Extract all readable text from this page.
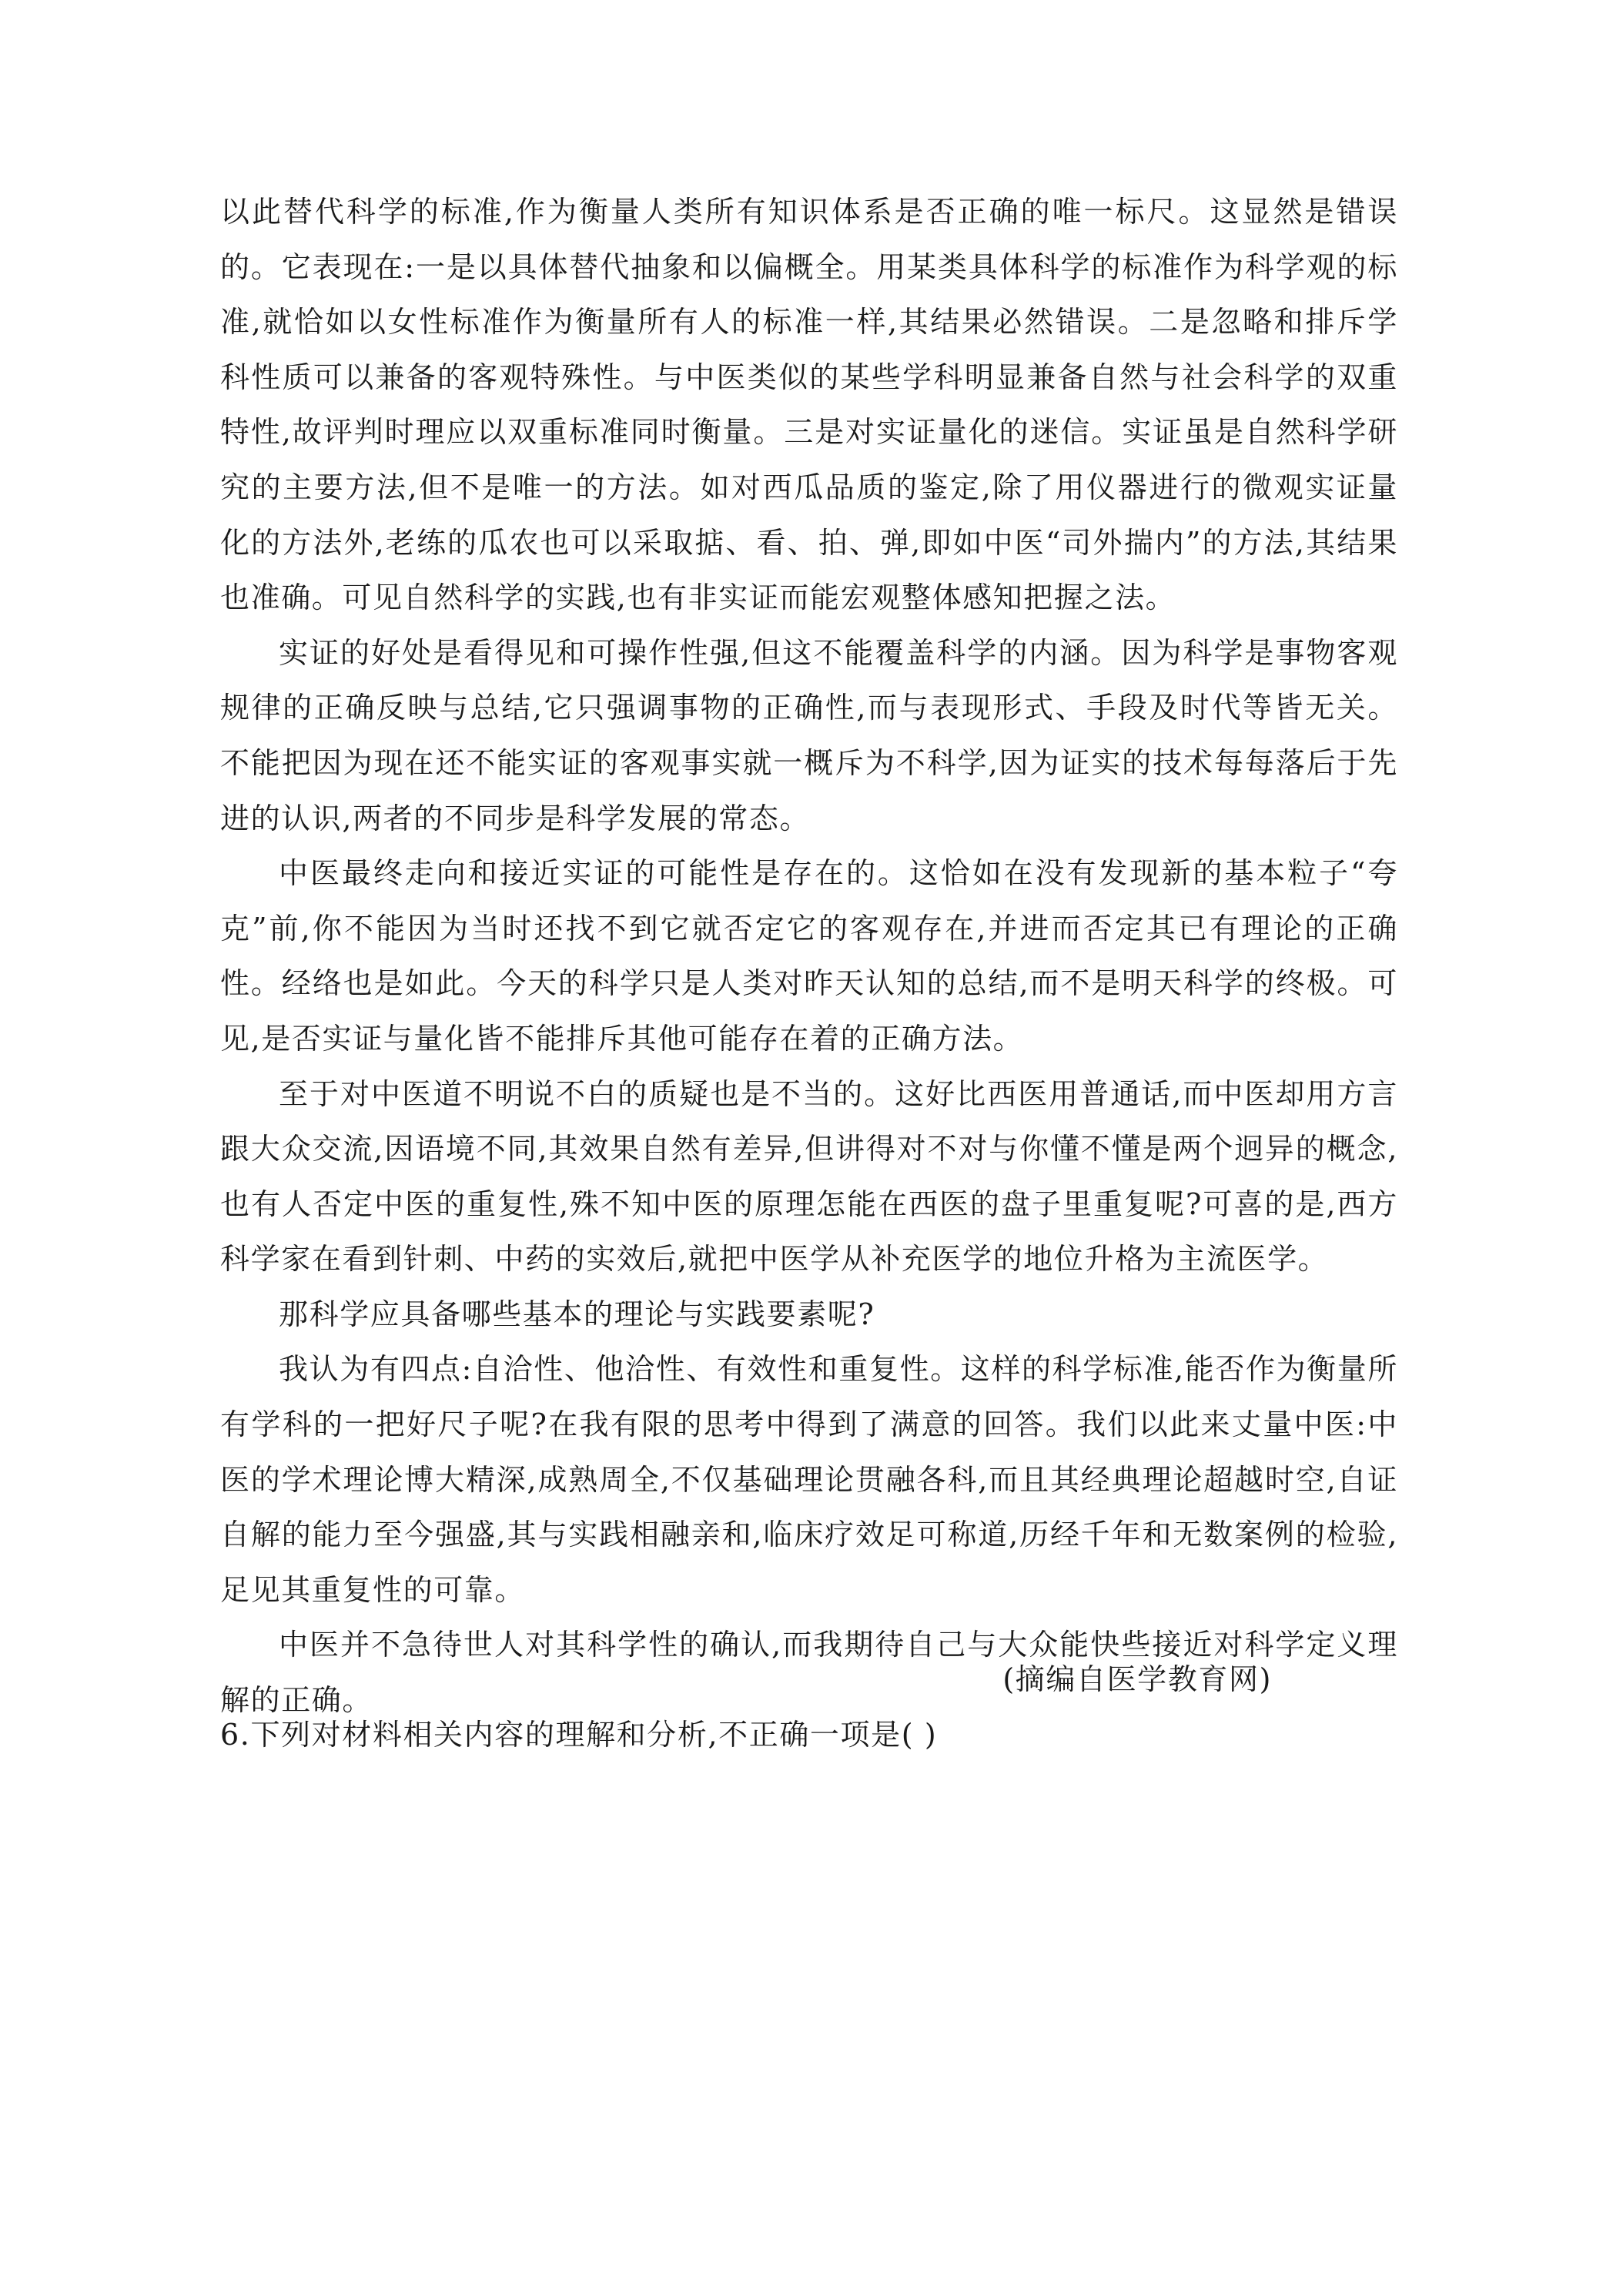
以此替代科学的标准,作为衡量人类所有知识体系是否正确的唯一标尺。这显然是错误的。它表现在:一是以具体替代抽象和以偏概全。用某类具体科学的标准作为科学观的标准,就恰如以女性标准作为衡量所有人的标准一样,其结果必然错误。二是忽略和排斥学科性质可以兼备的客观特殊性。与中医类似的某些学科明显兼备自然与社会科学的双重特性,故评判时理应以双重标准同时衡量。三是对实证量化的迷信。实证虽是自然科学研究的主要方法,但不是唯一的方法。如对西瓜品质的鉴定,除了用仪器进行的微观实证量化的方法外,老练的瓜农也可以采取掂、看、拍、弹,即如中医“司外揣内”的方法,其结果也准确。可见自然科学的实践,也有非实证而能宏观整体感知把握之法。

实证的好处是看得见和可操作性强,但这不能覆盖科学的内涵。因为科学是事物客观规律的正确反映与总结,它只强调事物的正确性,而与表现形式、手段及时代等皆无关。不能把因为现在还不能实证的客观事实就一概斥为不科学,因为证实的技术每每落后于先进的认识,两者的不同步是科学发展的常态。

中医最终走向和接近实证的可能性是存在的。这恰如在没有发现新的基本粒子“夸克”前,你不能因为当时还找不到它就否定它的客观存在,并进而否定其已有理论的正确性。经络也是如此。今天的科学只是人类对昨天认知的总结,而不是明天科学的终极。可见,是否实证与量化皆不能排斥其他可能存在着的正确方法。

至于对中医道不明说不白的质疑也是不当的。这好比西医用普通话,而中医却用方言跟大众交流,因语境不同,其效果自然有差异,但讲得对不对与你懂不懂是两个迥异的概念,也有人否定中医的重复性,殊不知中医的原理怎能在西医的盘子里重复呢?可喜的是,西方科学家在看到针刺、中药的实效后,就把中医学从补充医学的地位升格为主流医学。

那科学应具备哪些基本的理论与实践要素呢?

我认为有四点:自洽性、他洽性、有效性和重复性。这样的科学标准,能否作为衡量所有学科的一把好尺子呢?在我有限的思考中得到了满意的回答。我们以此来丈量中医:中医的学术理论博大精深,成熟周全,不仅基础理论贯融各科,而且其经典理论超越时空,自证自解的能力至今强盛,其与实践相融亲和,临床疗效足可称道,历经千年和无数案例的检验,足见其重复性的可靠。

中医并不急待世人对其科学性的确认,而我期待自己与大众能快些接近对科学定义理解的正确。

(摘编自医学教育网)
6.下列对材料相关内容的理解和分析,不正确一项是( )
